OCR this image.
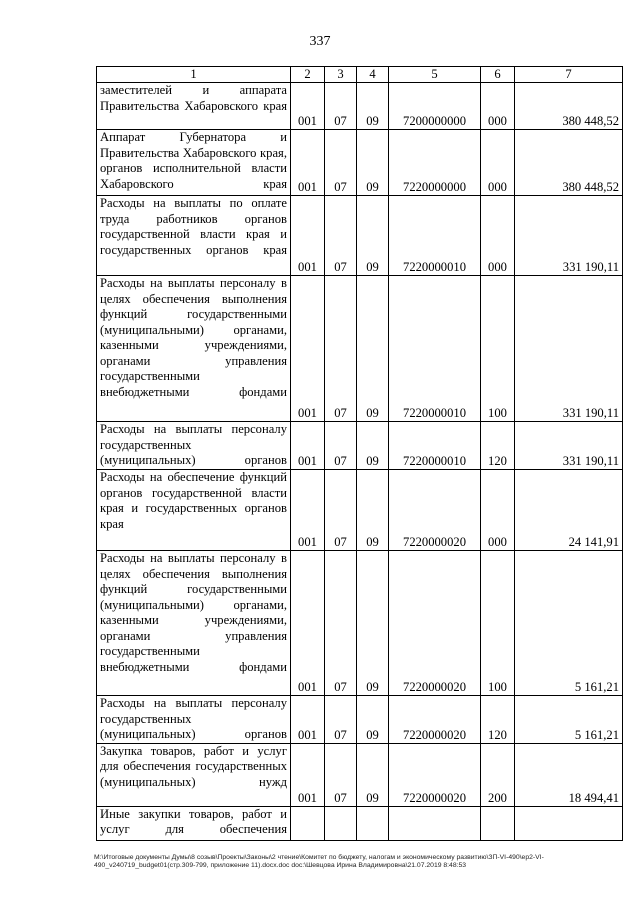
337
1	2	3	4	5	6	7
заместителей и аппарата Правительства Хабаровского края	001	07	09	7200000000	000	380 448,52
Аппарат Губернатора и Правительства Хабаровского края, органов исполнительной власти Хабаровского края	001	07	09	7220000000	000	380 448,52
Расходы на выплаты по оплате труда работников органов государственной власти края и государственных органов края	001	07	09	7220000010	000	331 190,11
Расходы на выплаты персоналу в целях обеспечения выполнения функций государственными (муниципальными) органами, казенными учреждениями, органами управления государственными внебюджетными фондами	001	07	09	7220000010	100	331 190,11
Расходы на выплаты персоналу государственных (муниципальных) органов	001	07	09	7220000010	120	331 190,11
Расходы на обеспечение функций органов государственной власти края и государственных органов края	001	07	09	7220000020	000	24 141,91
Расходы на выплаты персоналу в целях обеспечения выполнения функций государственными (муниципальными) органами, казенными учреждениями, органами управления государственными внебюджетными фондами	001	07	09	7220000020	100	5 161,21
Расходы на выплаты персоналу государственных (муниципальных) органов	001	07	09	7220000020	120	5 161,21
Закупка товаров, работ и услуг для обеспечения государственных (муниципальных) нужд	001	07	09	7220000020	200	18 494,41
Иные закупки товаров, работ и услуг для обеспечения						
M:\Итоговые документы Думы\8 созыв\Проекты\Законы\2 чтение\Комитет по бюджету, налогам и экономическому развитию\ЗП-VI-490\ер2-VI-490_v240719_budget01(стр.309-799, приложение 11).docx.doc doc:\Шевцова Ирина Владимировна\21.07.2019 8:48:53
